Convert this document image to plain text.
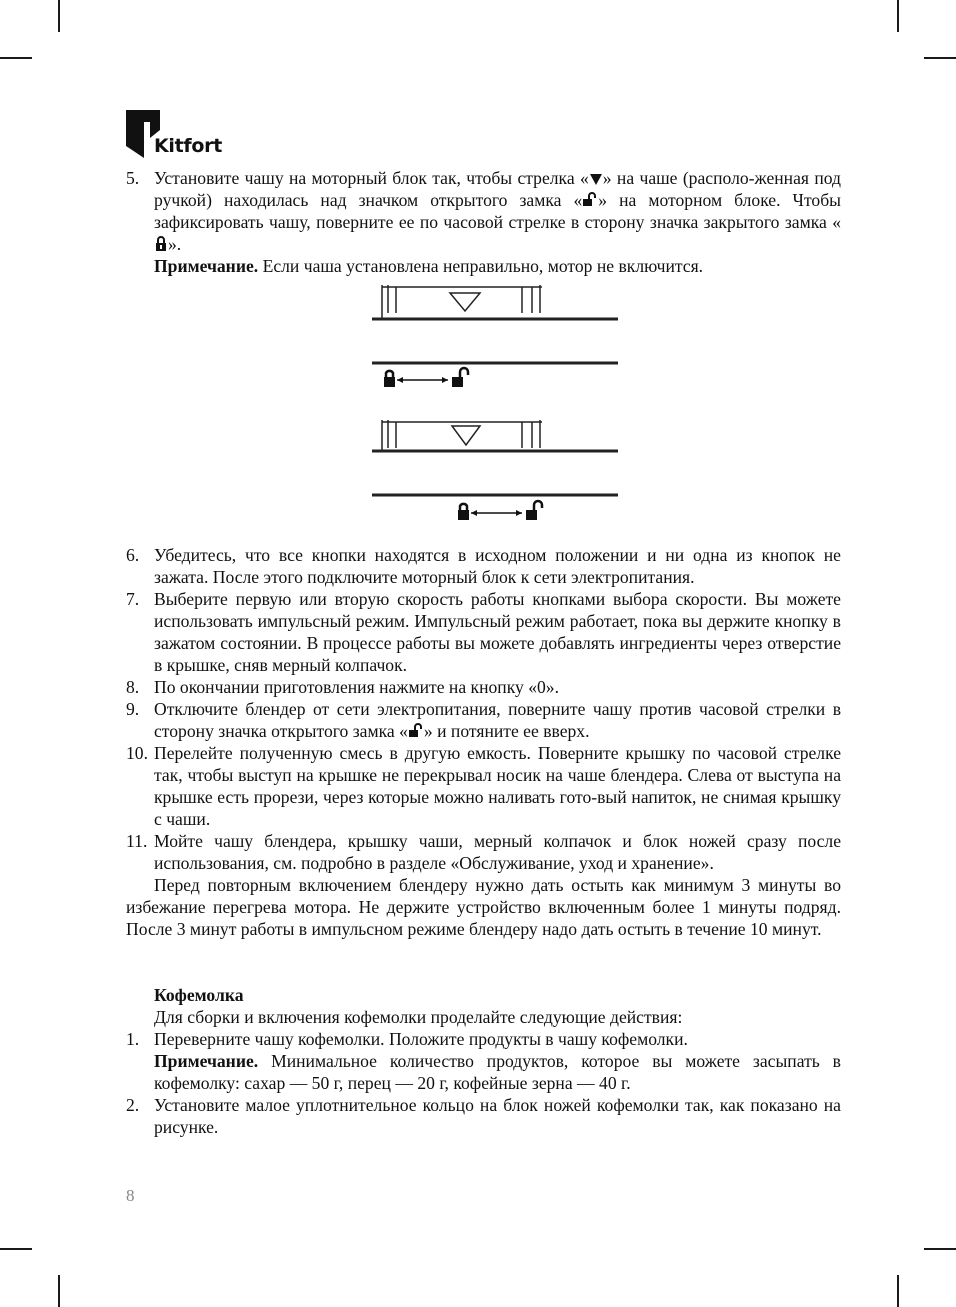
Kitfort
5. Установите чашу на моторный блок так, чтобы стрелка « » на чаше (располо-женная под ручкой) находилась над значком открытого замка « » на моторном блоке. Чтобы зафиксировать чашу, поверните ее по часовой стрелке в сторону значка закрытого замка «».
Примечание. Если чаша установлена неправильно, мотор не включится.
6. Убедитесь, что все кнопки находятся в исходном положении и ни одна из кнопок не зажата. После этого подключите моторный блок к сети электропитания.
7. Выберите первую или вторую скорость работы кнопками выбора скорости. Вы можете использовать импульсный режим. Импульсный режим работает, пока вы держите кнопку в зажатом состоянии. В процессе работы вы можете добавлять ингредиенты через отверстие в крышке, сняв мерный колпачок.
8. По окончании приготовления нажмите на кнопку «0».
9. Отключите блендер от сети электропитания, поверните чашу против часовой стрелки в сторону значка открытого замка « » и потяните ее вверх.
10. Перелейте полученную смесь в другую емкость. Поверните крышку по часовой стрелке так, чтобы выступ на крышке не перекрывал носик на чаше блендера. Слева от выступа на крышке есть прорези, через которые можно наливать гото-вый напиток, не снимая крышку с чаши.
11. Мойте чашу блендера, крышку чаши, мерный колпачок и блок ножей сразу после использования, см. подробно в разделе «Обслуживание, уход и хранение».
Перед повторным включением блендеру нужно дать остыть как минимум 3 минуты во избежание перегрева мотора. Не держите устройство включенным более 1 минуты подряд. После 3 минут работы в импульсном режиме блендеру надо дать остыть в течение 10 минут.
Кофемолка
Для сборки и включения кофемолки проделайте следующие действия:
1. Переверните чашу кофемолки. Положите продукты в чашу кофемолки.
Примечание. Минимальное количество продуктов, которое вы можете засыпать в кофемолку: сахар — 50 г, перец — 20 г, кофейные зерна — 40 г.
2. Установите малое уплотнительное кольцо на блок ножей кофемолки так, как показано на рисунке.
8
